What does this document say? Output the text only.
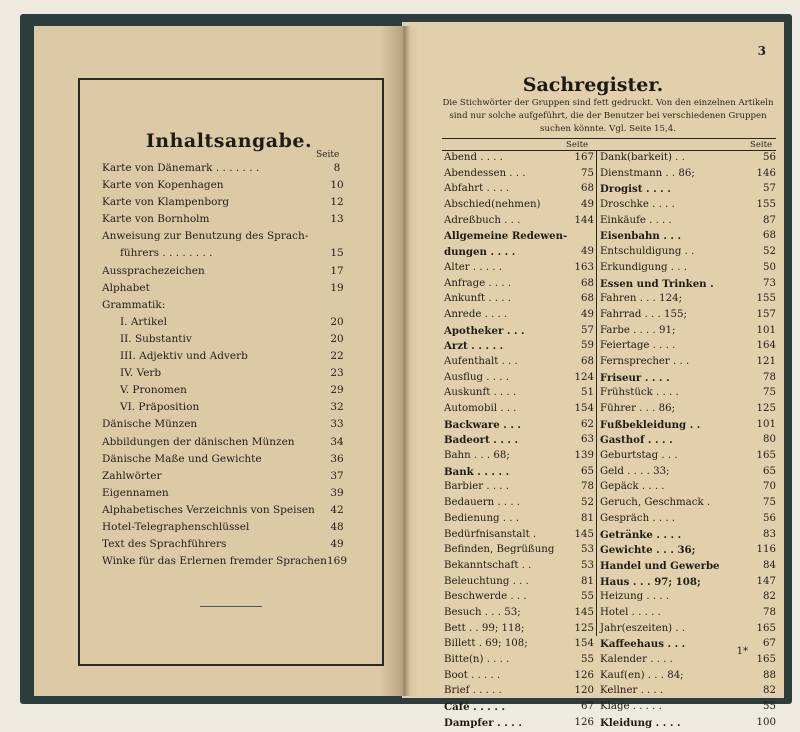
Inhaltsangabe.
Seite
Karte von Dänemark . . . . . . .	8
Karte von Kopenhagen	10
Karte von Klampenborg	12
Karte von Bornholm	13
Anweisung zur Benutzung des Sprach-
führers . . . . . . . .	15
Aussprachezeichen	17
Alphabet	19
Grammatik:
I. Artikel	20
II. Substantiv	20
III. Adjektiv und Adverb	22
IV. Verb	23
V. Pronomen	29
VI. Präposition	32
Dänische Münzen	33
Abbildungen der dänischen Münzen	34
Dänische Maße und Gewichte	36
Zahlwörter	37
Eigennamen	39
Alphabetisches Verzeichnis von Speisen	42
Hotel-Telegraphenschlüssel	48
Text des Sprachführers	49
Winke für das Erlernen fremder Sprachen 169
3
Sachregister.
Die Stichwörter der Gruppen sind fett gedruckt. Von den einzelnen Artikeln sind nur solche aufgeführt, die der Benutzer bei verschiedenen Gruppen suchen könnte. Vgl. Seite 15,4.
Seite	Seite
Abend . . . .	167
Abendessen . . .	75
Abfahrt . . . .	68
Abschied(nehmen)	49
Adreßbuch . . .	144
Allgemeine Redewen-
dungen . . . .	49
Alter . . . . .	163
Anfrage . . . .	68
Ankunft . . . .	68
Anrede . . . .	49
Apotheker . . .	57
Arzt . . . . .	59
Aufenthalt . . .	68
Ausflug . . . .	124
Auskunft . . . .	51
Automobil . . .	154
Backware . . .	62
Badeort . . . .	63
Bahn . . . 68;	139
Bank . . . . .	65
Barbier . . . .	78
Bedauern . . . .	52
Bedienung . . .	81
Bedürfnisanstalt .	145
Befinden, Begrüßung	53
Bekanntschaft . .	53
Beleuchtung . . .	81
Beschwerde . . .	55
Besuch . . . 53;	145
Bett . . 99; 118;	125
Billett . 69; 108;	154
Bitte(n) . . . .	55
Boot . . . . .	126
Brief . . . . .	120
Café . . . . .	67
Dampfer . . . .	126
Dank(barkeit) . .	56
Dienstmann . . 86;	146
Drogist . . . .	57
Droschke . . . .	155
Einkäufe . . . .	87
Eisenbahn . . .	68
Entschuldigung . .	52
Erkundigung . . .	50
Essen und Trinken .	73
Fahren . . . 124;	155
Fahrrad . . . 155;	157
Farbe . . . . 91;	101
Feiertage . . . .	164
Fernsprecher . . .	121
Friseur . . . .	78
Frühstück . . . .	75
Führer . . . 86;	125
Fußbekleidung . .	101
Gasthof . . . .	80
Geburtstag . . .	165
Geld . . . . 33;	65
Gepäck . . . .	70
Geruch, Geschmack .	75
Gespräch . . . .	56
Getränke . . . .	83
Gewichte . . . 36;	116
Handel und Gewerbe	84
Haus . . . 97; 108;	147
Heizung . . . .	82
Hotel . . . . .	78
Jahr(eszeiten) . .	165
Kaffeehaus . . .	67
Kalender . . . .	165
Kauf(en) . . . 84;	88
Kellner . . . .	82
Klage . . . . .	55
Kleidung . . . .	100
1*
